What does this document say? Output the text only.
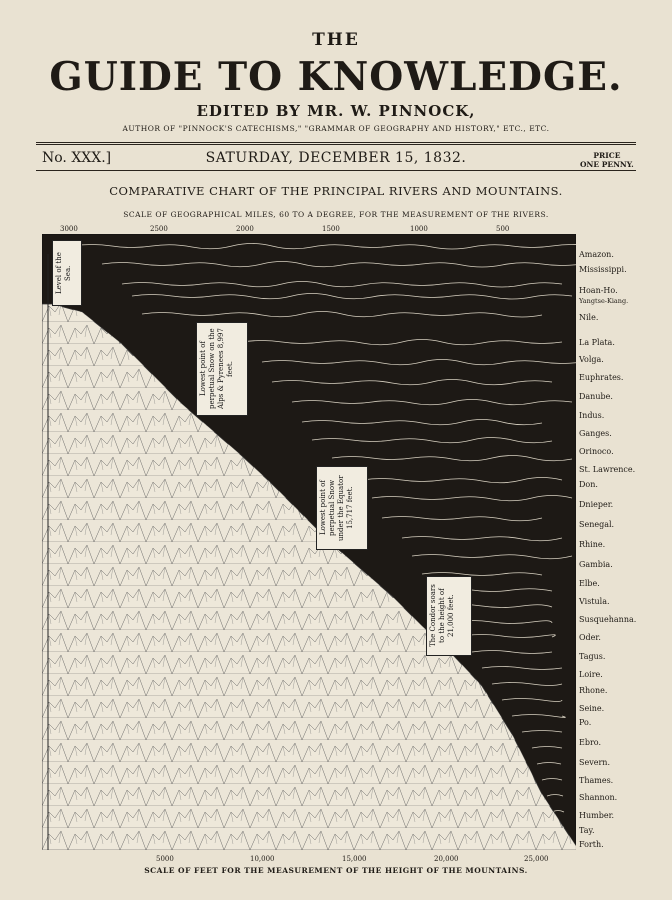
THE
GUIDE TO KNOWLEDGE.
EDITED BY MR. W. PINNOCK,
AUTHOR OF "PINNOCK'S CATECHISMS," "GRAMMAR OF GEOGRAPHY AND HISTORY," ETC., ETC.
No. XXX.]	SATURDAY, DECEMBER 15, 1832.	PRICE
ONE PENNY.
COMPARATIVE CHART OF THE PRINCIPAL RIVERS AND MOUNTAINS.
SCALE OF GEOGRAPHICAL MILES, 60 TO A DEGREE, FOR THE MEASUREMENT OF THE RIVERS.
3000	2500	2000	1500	1000	500
Level of the Sea.
Lowest point of perpetual Snow on the Alps & Pyrenees 8,997 feet.
Lowest point of perpetual Snow under the Equator 15,717 feet.
The Condor soars to the height of 21,000 feet.
Amazon.
Mississippi.
Hoan-Ho.
Yangtse-Kiang.
Nile.
La Plata.
Volga.
Euphrates.
Danube.
Indus.
Ganges.
Orinoco.
St. Lawrence.
Don.
Dnieper.
Senegal.
Rhine.
Gambia.
Elbe.
Vistula.
Susquehanna.
Oder.
Tagus.
Loire.
Rhone.
Seine.
Po.
Ebro.
Severn.
Thames.
Shannon.
Humber.
Tay.
Forth.
5000	10,000	15,000	20,000	25,000
SCALE OF FEET FOR THE MEASUREMENT OF THE HEIGHT OF THE MOUNTAINS.
